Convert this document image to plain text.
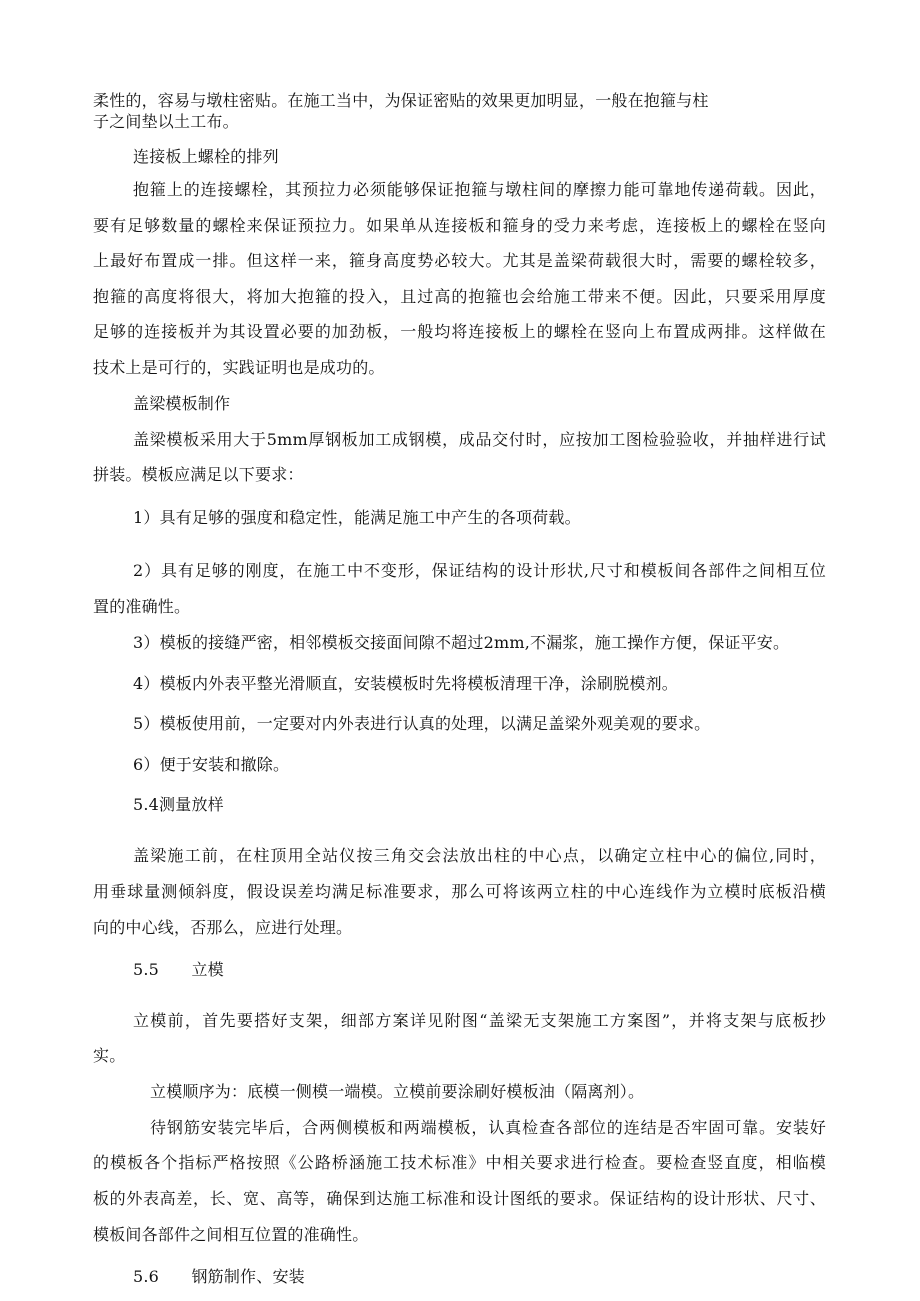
柔性的，容易与墩柱密贴。在施工当中，为保证密贴的效果更加明显，一般在抱箍与柱
子之间垫以土工布。
连接板上螺栓的排列
抱箍上的连接螺栓，其预拉力必须能够保证抱箍与墩柱间的摩擦力能可靠地传递荷载。因此，
要有足够数量的螺栓来保证预拉力。如果单从连接板和箍身的受力来考虑，连接板上的螺栓在竖向
上最好布置成一排。但这样一来，箍身高度势必较大。尤其是盖梁荷载很大时，需要的螺栓较多，
抱箍的高度将很大，将加大抱箍的投入，且过高的抱箍也会给施工带来不便。因此，只要采用厚度
足够的连接板并为其设置必要的加劲板，一般均将连接板上的螺栓在竖向上布置成两排。这样做在
技术上是可行的，实践证明也是成功的。
盖梁模板制作
盖梁模板采用大于5mm厚钢板加工成钢模，成品交付时，应按加工图检验验收，并抽样进行试
拼装。模板应满足以下要求：
1）具有足够的强度和稳定性，能满足施工中产生的各项荷载。
2）具有足够的刚度，在施工中不变形，保证结构的设计形状,尺寸和模板间各部件之间相互位
置的准确性。
3）模板的接缝严密，相邻模板交接面间隙不超过2mm,不漏浆，施工操作方便，保证平安。
4）模板内外表平整光滑顺直，安装模板时先将模板清理干净，涂刷脱模剂。
5）模板使用前，一定要对内外表进行认真的处理，以满足盖梁外观美观的要求。
6）便于安装和撤除。
5.4测量放样
盖梁施工前，在柱顶用全站仪按三角交会法放出柱的中心点，以确定立柱中心的偏位,同时，
用垂球量测倾斜度，假设误差均满足标准要求，那么可将该两立柱的中心连线作为立模时底板沿横
向的中心线，否那么，应进行处理。
5.5　　立模
立模前，首先要搭好支架，细部方案详见附图“盖梁无支架施工方案图”，并将支架与底板抄
实。
立模顺序为：底模一侧模一端模。立模前要涂刷好模板油（隔离剂）。
待钢筋安装完毕后，合两侧模板和两端模板，认真检查各部位的连结是否牢固可靠。安装好
的模板各个指标严格按照《公路桥涵施工技术标准》中相关要求进行检查。要检查竖直度，相临模
板的外表高差，长、宽、高等，确保到达施工标准和设计图纸的要求。保证结构的设计形状、尺寸、
模板间各部件之间相互位置的准确性。
5.6　　钢筋制作、安装
